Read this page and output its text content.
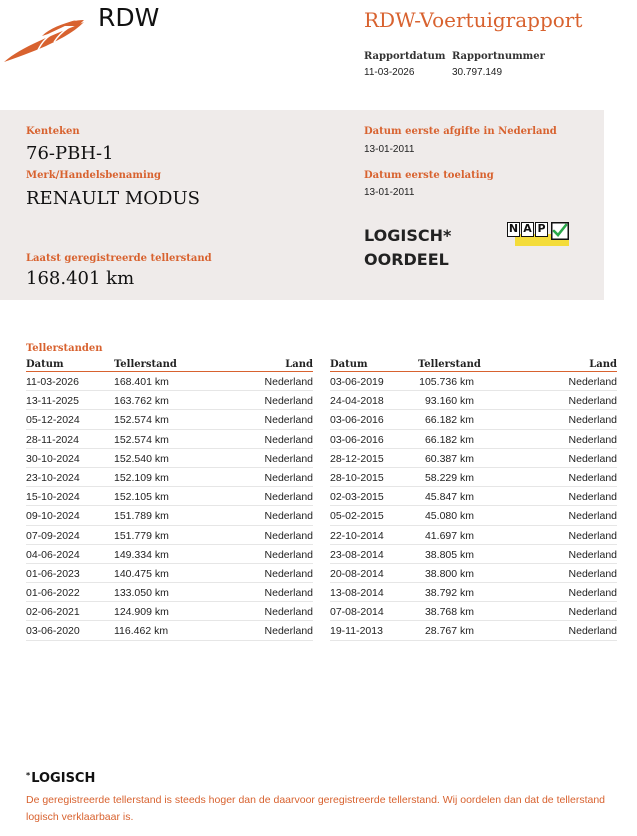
RDW	RDW-Voertuigrapport
Rapportdatum
11-03-2026
Rapportnummer
30.797.149
Kenteken
76-PBH-1
Merk/Handelsbenaming
RENAULT MODUS
Laatst geregistreerde tellerstand
168.401 km
Datum eerste afgifte in Nederland
13-01-2011
Datum eerste toelating
13-01-2011
LOGISCH*
OORDEEL
N A P
Tellerstanden
Datum	Tellerstand	Land
11-03-2026	168.401 km	Nederland
13-11-2025	163.762 km	Nederland
05-12-2024	152.574 km	Nederland
28-11-2024	152.574 km	Nederland
30-10-2024	152.540 km	Nederland
23-10-2024	152.109 km	Nederland
15-10-2024	152.105 km	Nederland
09-10-2024	151.789 km	Nederland
07-09-2024	151.779 km	Nederland
04-06-2024	149.334 km	Nederland
01-06-2023	140.475 km	Nederland
01-06-2022	133.050 km	Nederland
02-06-2021	124.909 km	Nederland
03-06-2020	116.462 km	Nederland
Datum	Tellerstand	Land
03-06-2019	105.736 km	Nederland
24-04-2018	93.160 km	Nederland
03-06-2016	66.182 km	Nederland
03-06-2016	66.182 km	Nederland
28-12-2015	60.387 km	Nederland
28-10-2015	58.229 km	Nederland
02-03-2015	45.847 km	Nederland
05-02-2015	45.080 km	Nederland
22-10-2014	41.697 km	Nederland
23-08-2014	38.805 km	Nederland
20-08-2014	38.800 km	Nederland
13-08-2014	38.792 km	Nederland
07-08-2014	38.768 km	Nederland
19-11-2013	28.767 km	Nederland
*LOGISCH
De geregistreerde tellerstand is steeds hoger dan de daarvoor geregistreerde tellerstand. Wij oordelen dan dat de tellerstand logisch verklaarbaar is.
